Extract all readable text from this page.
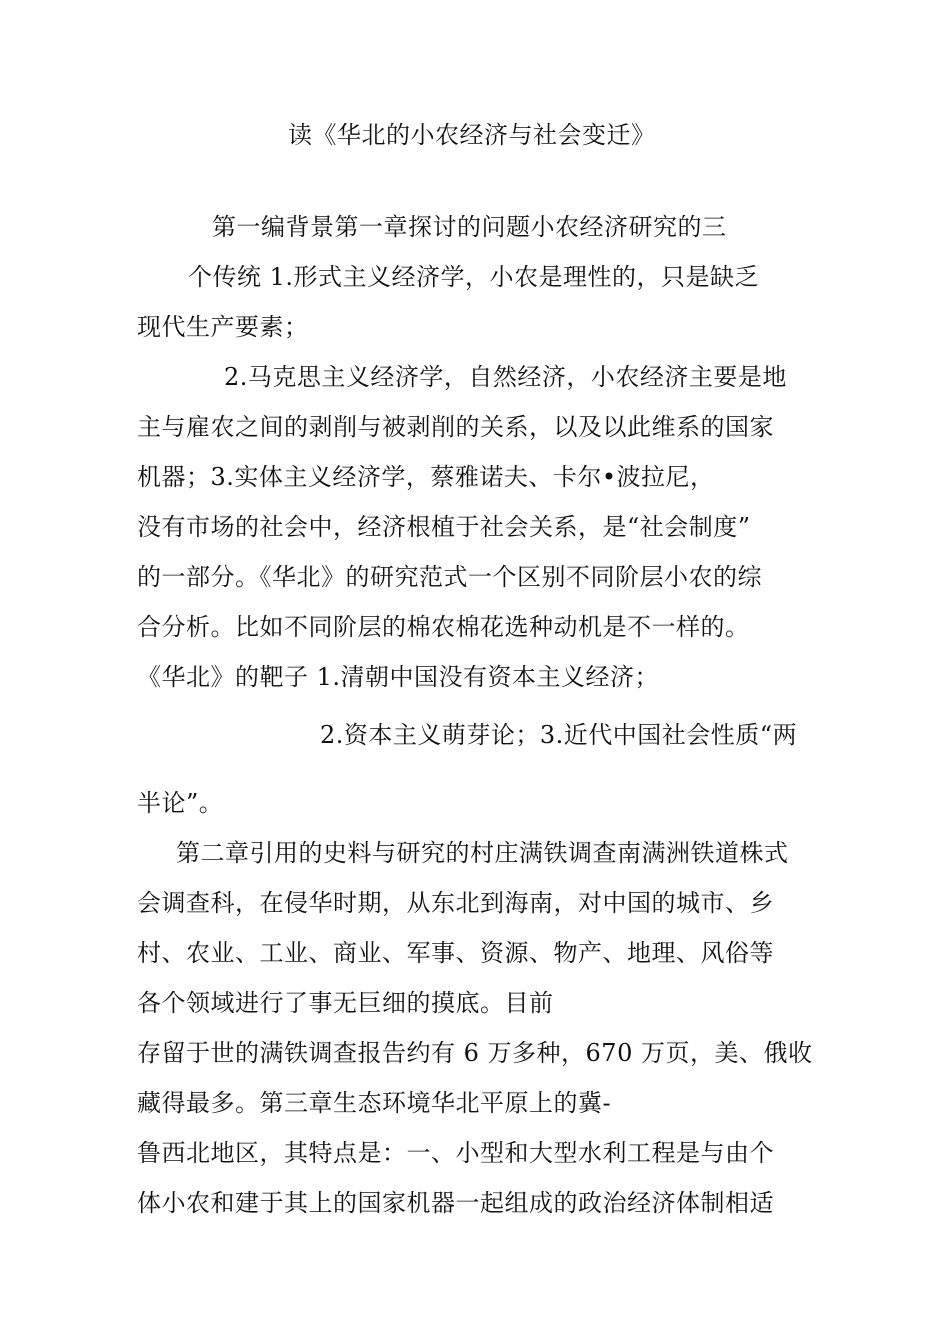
读《华北的小农经济与社会变迁》
第一编背景第一章探讨的问题小农经济研究的三
个传统 1.形式主义经济学，小农是理性的，只是缺乏
现代生产要素；
2.马克思主义经济学，自然经济，小农经济主要是地
主与雇农之间的剥削与被剥削的关系，以及以此维系的国家
机器；3.实体主义经济学，蔡雅诺夫、卡尔•波拉尼，
没有市场的社会中，经济根植于社会关系，是“社会制度”
的一部分。《华北》的研究范式一个区别不同阶层小农的综
合分析。比如不同阶层的棉农棉花选种动机是不一样的。
《华北》的靶子 1.清朝中国没有资本主义经济；
2.资本主义萌芽论；3.近代中国社会性质“两
半论”。
第二章引用的史料与研究的村庄满铁调查南满洲铁道株式
会调查科，在侵华时期，从东北到海南，对中国的城市、乡
村、农业、工业、商业、军事、资源、物产、地理、风俗等
各个领域进行了事无巨细的摸底。目前
存留于世的满铁调查报告约有 6 万多种，670 万页，美、俄收
藏得最多。第三章生态环境华北平原上的冀-
鲁西北地区，其特点是：一、小型和大型水利工程是与由个
体小农和建于其上的国家机器一起组成的政治经济体制相适
